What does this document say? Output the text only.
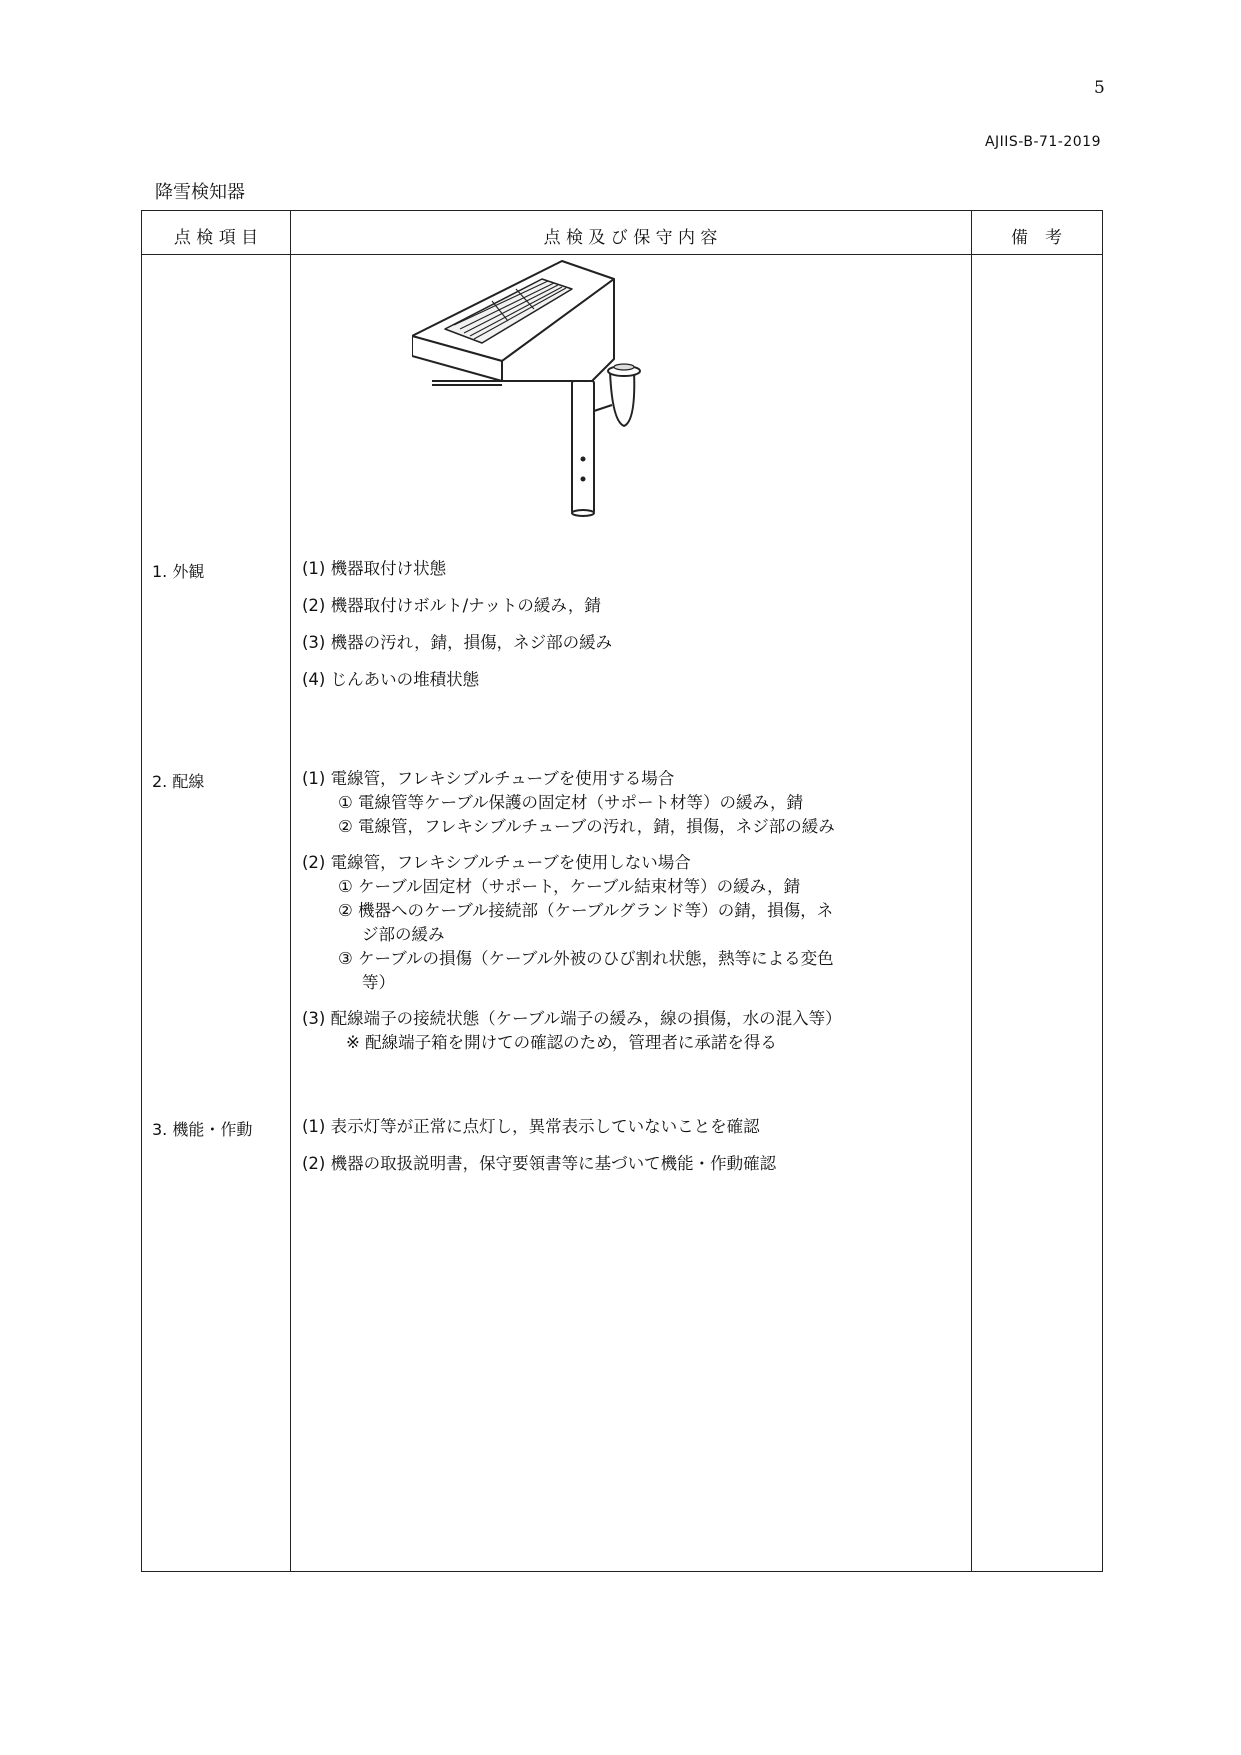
5
AJIIS-B-71-2019
降雪検知器
点 検 項 目	点 検 及 び 保 守 内 容	備　考
1. 外観	(1) 機器取付け状態
(2) 機器取付けボルト/ナットの緩み，錆
(3) 機器の汚れ，錆，損傷，ネジ部の緩み
(4) じんあいの堆積状態
2. 配線	(1) 電線管，フレキシブルチューブを使用する場合
① 電線管等ケーブル保護の固定材（サポート材等）の緩み，錆
② 電線管，フレキシブルチューブの汚れ，錆，損傷，ネジ部の緩み
(2) 電線管，フレキシブルチューブを使用しない場合
① ケーブル固定材（サポート，ケーブル結束材等）の緩み，錆
② 機器へのケーブル接続部（ケーブルグランド等）の錆，損傷，ネ
ジ部の緩み
③ ケーブルの損傷（ケーブル外被のひび割れ状態，熱等による変色
等）
(3) 配線端子の接続状態（ケーブル端子の緩み，線の損傷，水の混入等）
※ 配線端子箱を開けての確認のため，管理者に承諾を得る
3. 機能・作動	(1) 表示灯等が正常に点灯し，異常表示していないことを確認
(2) 機器の取扱説明書，保守要領書等に基づいて機能・作動確認
